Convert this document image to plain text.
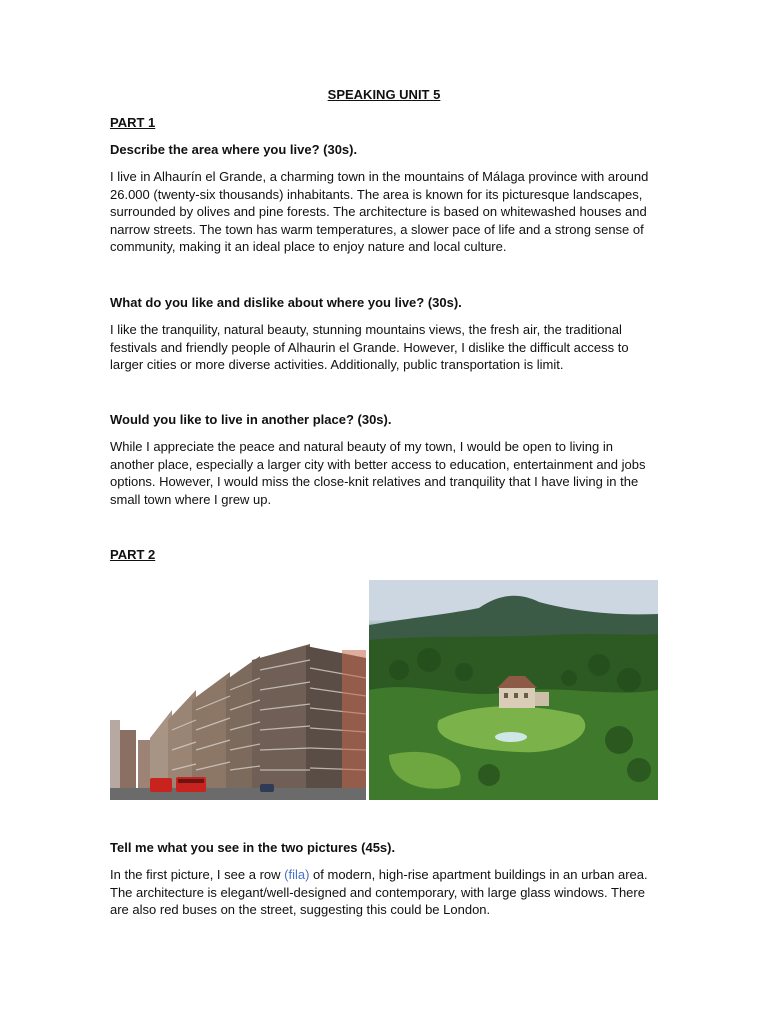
SPEAKING UNIT 5

PART 1

Describe the area where you live? (30s).

I live in Alhaurín el Grande, a charming town in the mountains of Málaga province with around 26.000 (twenty-six thousands) inhabitants. The area is known for its picturesque landscapes, surrounded by olives and pine forests. The architecture is based on whitewashed houses and narrow streets. The town has warm temperatures, a slower pace of life and a strong sense of community, making it an ideal place to enjoy nature and local culture.

What do you like and dislike about where you live? (30s).

I like the tranquility, natural beauty, stunning mountains views, the fresh air, the traditional festivals and friendly people of Alhaurin el Grande. However, I dislike the difficult access to larger cities or more diverse activities. Additionally, public transportation is limit.

Would you like to live in another place? (30s).

While I appreciate the peace and natural beauty of my town, I would be open to living in another place, especially a larger city with better access to education, entertainment and jobs options. However, I would miss the close-knit relatives and tranquility that I have living in the small town where I grew up.

PART 2

Tell me what you see in the two pictures (45s).

In the first picture, I see a row (fila) of modern, high-rise apartment buildings in an urban area. The architecture is elegant/well-designed and contemporary, with large glass windows. There are also red buses on the street, suggesting this could be London.
